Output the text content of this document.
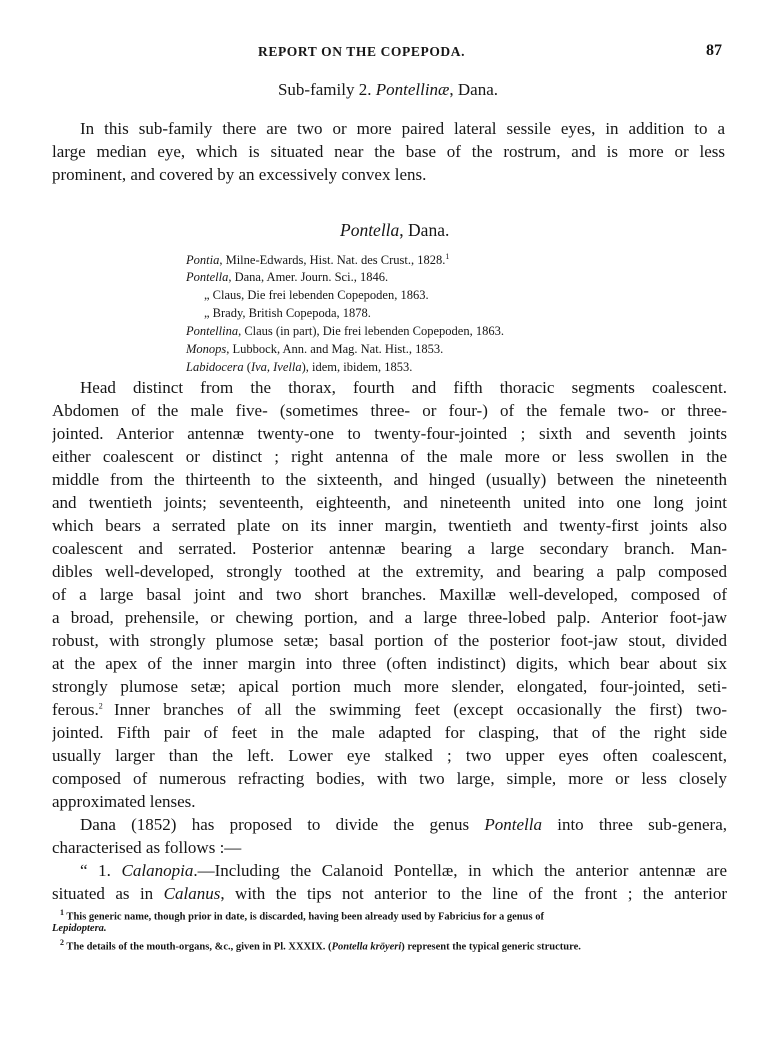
REPORT ON THE COPEPODA.	87
Sub-family 2. Pontellinæ, Dana.
In this sub-family there are two or more paired lateral sessile eyes, in addition to a
large median eye, which is situated near the base of the rostrum, and is more or less
prominent, and covered by an excessively convex lens.
Pontella, Dana.
Pontia, Milne-Edwards, Hist. Nat. des Crust., 1828.$^1$
Pontella, Dana, Amer. Journ. Sci., 1846.
„ Claus, Die frei lebenden Copepoden, 1863.
„ Brady, British Copepoda, 1878.
Pontellina, Claus (in part), Die frei lebenden Copepoden, 1863.
Monops, Lubbock, Ann. and Mag. Nat. Hist., 1853.
Labidocera (Iva, Ivella), idem, ibidem, 1853.
Head distinct from the thorax, fourth and fifth thoracic segments coalescent.
Abdomen of the male five- (sometimes three- or four-) of the female two- or three-
jointed. Anterior antennæ twenty-one to twenty-four-jointed ; sixth and seventh joints
either coalescent or distinct ; right antenna of the male more or less swollen in the
middle from the thirteenth to the sixteenth, and hinged (usually) between the nineteenth
and twentieth joints; seventeenth, eighteenth, and nineteenth united into one long joint
which bears a serrated plate on its inner margin, twentieth and twenty-first joints also
coalescent and serrated. Posterior antennæ bearing a large secondary branch. Man-
dibles well-developed, strongly toothed at the extremity, and bearing a palp composed
of a large basal joint and two short branches. Maxillæ well-developed, composed of
a broad, prehensile, or chewing portion, and a large three-lobed palp. Anterior foot-jaw
robust, with strongly plumose setæ; basal portion of the posterior foot-jaw stout, divided
at the apex of the inner margin into three (often indistinct) digits, which bear about six
strongly plumose setæ; apical portion much more slender, elongated, four-jointed, seti-
ferous.$^2$ Inner branches of all the swimming feet (except occasionally the first) two-
jointed. Fifth pair of feet in the male adapted for clasping, that of the right side
usually larger than the left. Lower eye stalked ; two upper eyes often coalescent,
composed of numerous refracting bodies, with two large, simple, more or less closely
approximated lenses.
Dana (1852) has proposed to divide the genus Pontella into three sub-genera,
characterised as follows :—
“ 1. Calanopia.—Including the Calanoid Pontellæ, in which the anterior antennæ are
situated as in Calanus, with the tips not anterior to the line of the front ; the anterior
$^1$ This generic name, though prior in date, is discarded, having been already used by Fabricius for a genus of
Lepidoptera.
$^2$ The details of the mouth-organs, &c., given in Pl. XXXIX. (Pontella kröyeri) represent the typical generic structure.
